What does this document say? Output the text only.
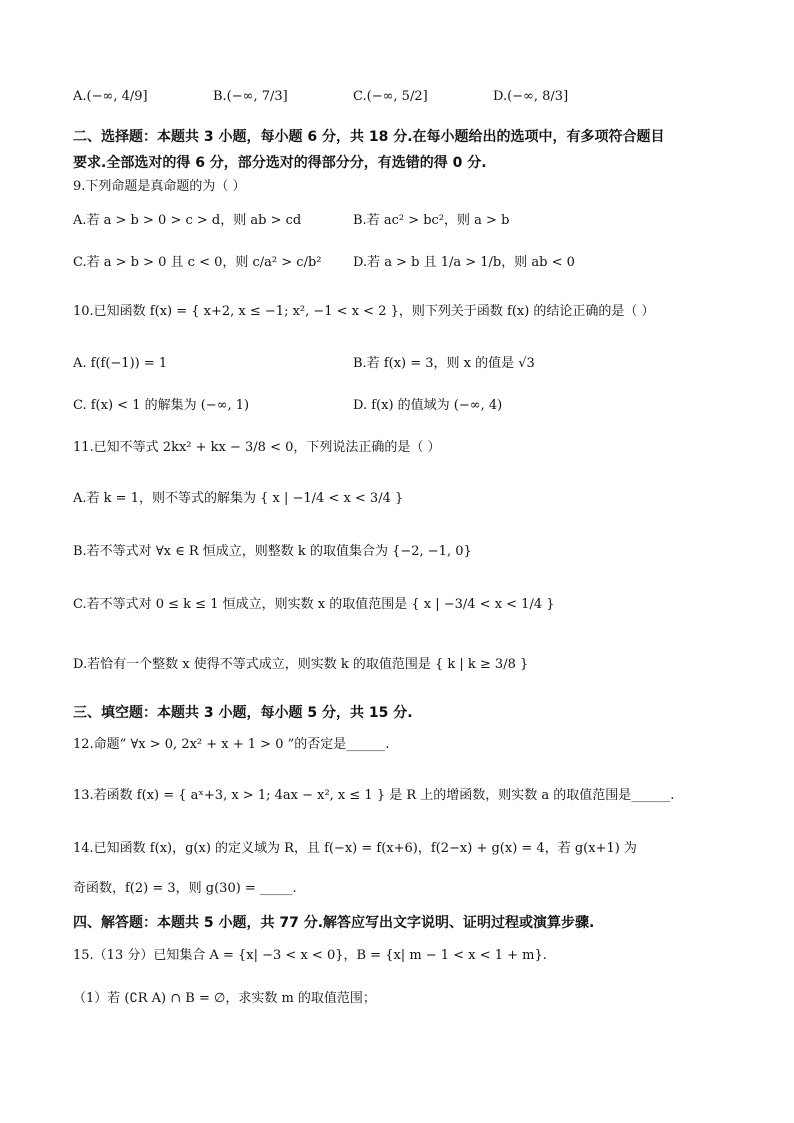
A.(−∞, 4/9]	B.(−∞, 7/3]	C.(−∞, 5/2]	D.(−∞, 8/3]
二、选择题：本题共 3 小题，每小题 6 分，共 18 分.在每小题给出的选项中，有多项符合题目
要求.全部选对的得 6 分，部分选对的得部分分，有选错的得 0 分.
9.下列命题是真命题的为（ ）
A.若 a > b > 0 > c > d，则 ab > cd	B.若 ac² > bc²，则 a > b
C.若 a > b > 0 且 c < 0，则 c/a² > c/b² D.若 a > b 且 1/a > 1/b，则 ab < 0
10.已知函数 f(x) = { x+2, x ≤ −1; x², −1 < x < 2 }，则下列关于函数 f(x) 的结论正确的是（ ）
A. f(f(−1)) = 1	B.若 f(x) = 3，则 x 的值是 √3
C. f(x) < 1 的解集为 (−∞, 1)	D. f(x) 的值域为 (−∞, 4)
11.已知不等式 2kx² + kx − 3/8 < 0，下列说法正确的是（ ）
A.若 k = 1，则不等式的解集为 { x | −1/4 < x < 3/4 }
B.若不等式对 ∀x ∈ R 恒成立，则整数 k 的取值集合为 {−2, −1, 0}
C.若不等式对 0 ≤ k ≤ 1 恒成立，则实数 x 的取值范围是 { x | −3/4 < x < 1/4 }
D.若恰有一个整数 x 使得不等式成立，则实数 k 的取值范围是 { k | k ≥ 3/8 }
三、填空题：本题共 3 小题，每小题 5 分，共 15 分.
12.命题“ ∀x > 0, 2x² + x + 1 > 0 ”的否定是______.
13.若函数 f(x) = { aˣ+3, x > 1; 4ax − x², x ≤ 1 } 是 R 上的增函数，则实数 a 的取值范围是______.
14.已知函数 f(x)，g(x) 的定义域为 R，且 f(−x) = f(x+6)，f(2−x) + g(x) = 4，若 g(x+1) 为
奇函数，f(2) = 3，则 g(30) = _____.
四、解答题：本题共 5 小题，共 77 分.解答应写出文字说明、证明过程或演算步骤.
15.（13 分）已知集合 A = {x| −3 < x < 0}，B = {x| m − 1 < x < 1 + m}.
（1）若 (∁R A) ∩ B = ∅，求实数 m 的取值范围；
